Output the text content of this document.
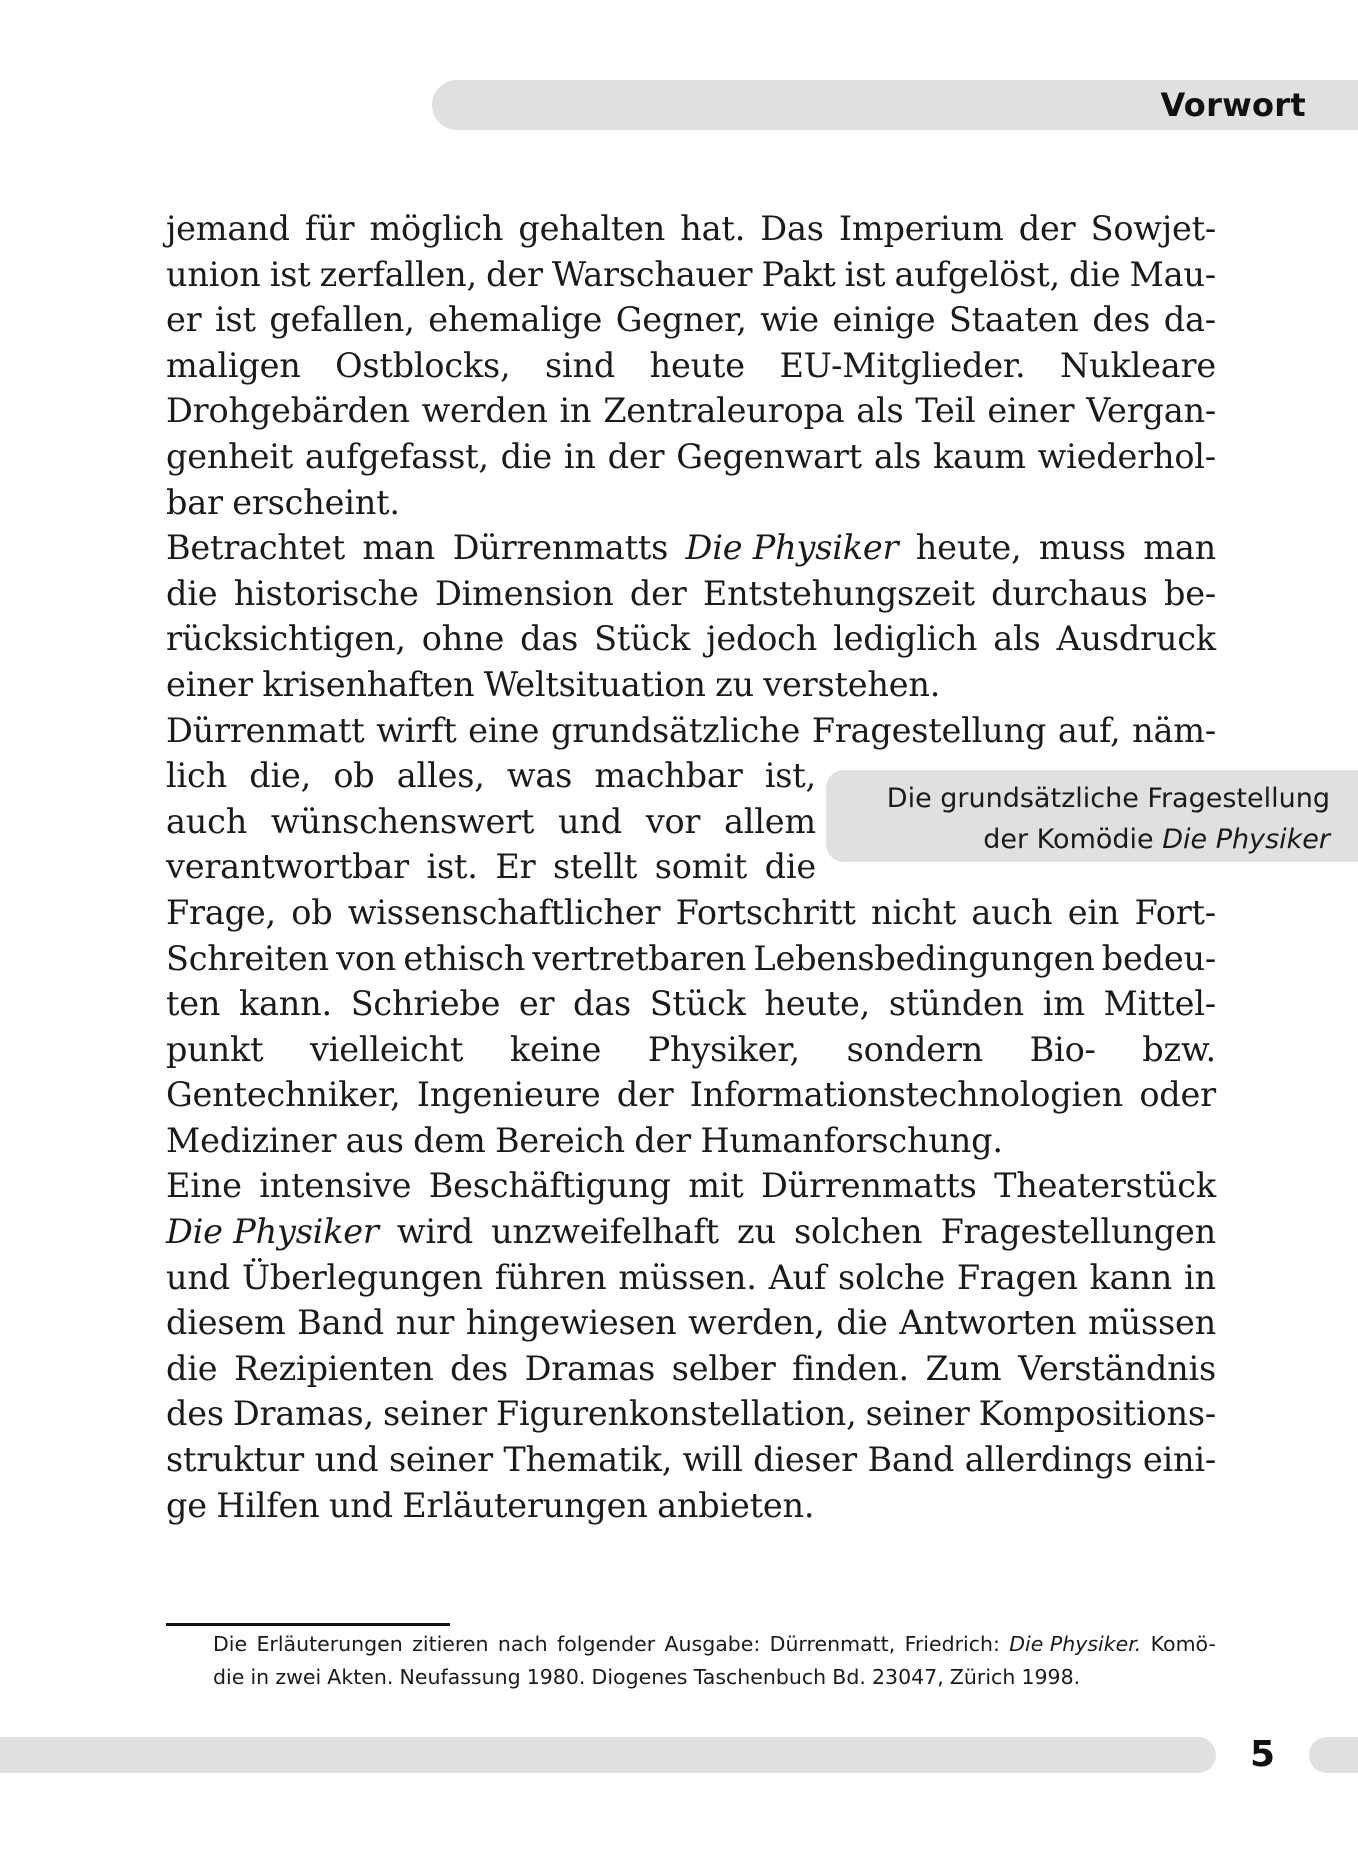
Vorwort
jemand für möglich gehalten hat. Das Imperium der Sowjet-
union ist zerfallen, der Warschauer Pakt ist aufgelöst, die Mau-
er ist gefallen, ehemalige Gegner, wie einige Staaten des da-
maligen Ostblocks, sind heute EU-Mitglieder. Nukleare
Drohgebärden werden in Zentraleuropa als Teil einer Vergan-
genheit aufgefasst, die in der Gegenwart als kaum wiederhol-
bar erscheint.
Betrachtet man Dürrenmatts Die Physiker heute, muss man
die historische Dimension der Entstehungszeit durchaus be-
rücksichtigen, ohne das Stück jedoch lediglich als Ausdruck
einer krisenhaften Weltsituation zu verstehen.
Dürrenmatt wirft eine grundsätzliche Fragestellung auf, näm-
lich die, ob alles, was machbar ist,
auch wünschenswert und vor allem
verantwortbar ist. Er stellt somit die
Frage, ob wissenschaftlicher Fortschritt nicht auch ein Fort-
Schreiten von ethisch vertretbaren Lebensbedingungen bedeu-
ten kann. Schriebe er das Stück heute, stünden im Mittel-
punkt vielleicht keine Physiker, sondern Bio- bzw.
Gentechniker, Ingenieure der Informationstechnologien oder
Mediziner aus dem Bereich der Humanforschung.
Eine intensive Beschäftigung mit Dürrenmatts Theaterstück
Die Physiker wird unzweifelhaft zu solchen Fragestellungen
und Überlegungen führen müssen. Auf solche Fragen kann in
diesem Band nur hingewiesen werden, die Antworten müssen
die Rezipienten des Dramas selber finden. Zum Verständnis
des Dramas, seiner Figurenkonstellation, seiner Kompositions-
struktur und seiner Thematik, will dieser Band allerdings eini-
ge Hilfen und Erläuterungen anbieten.
Die grundsätzliche Fragestellung
der Komödie Die Physiker
Die Erläuterungen zitieren nach folgender Ausgabe: Dürrenmatt, Friedrich: Die Physiker. Komö-
die in zwei Akten. Neufassung 1980. Diogenes Taschenbuch Bd. 23047, Zürich 1998.
5
